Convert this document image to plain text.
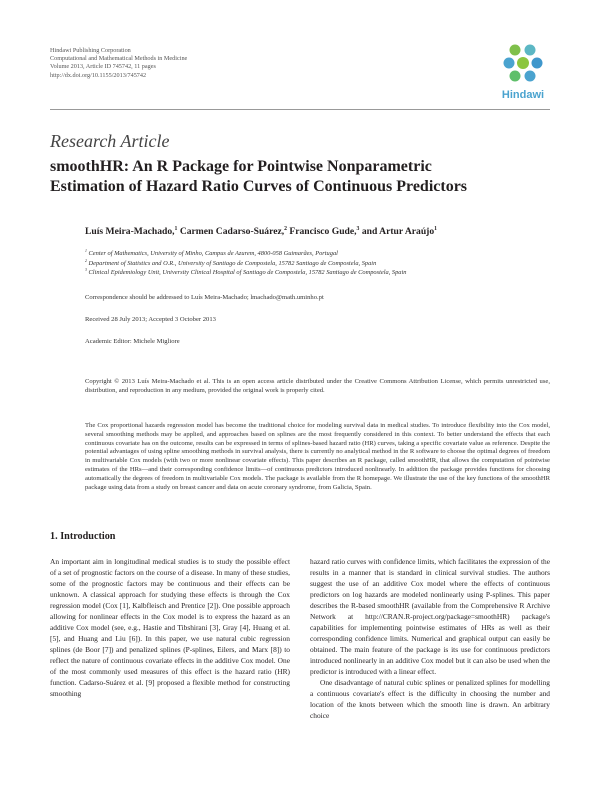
Hindawi Publishing Corporation
Computational and Mathematical Methods in Medicine
Volume 2013, Article ID 745742, 11 pages
http://dx.doi.org/10.1155/2013/745742
Hindawi
Research Article
smoothHR: An R Package for Pointwise Nonparametric
Estimation of Hazard Ratio Curves of Continuous Predictors
Luís Meira-Machado,$^1$ Carmen Cadarso-Suárez,$^2$ Francisco Gude,$^3$ and Artur Araújo$^1$
$^1$ Center of Mathematics, University of Minho, Campus de Azurem, 4800-058 Guimarães, Portugal
$^2$ Department of Statistics and O.R., University of Santiago de Compostela, 15782 Santiago de Compostela, Spain
$^3$ Clinical Epidemiology Unit, University Clinical Hospital of Santiago de Compostela, 15782 Santiago de Compostela, Spain
Correspondence should be addressed to Luís Meira-Machado; lmachado@math.uminho.pt
Received 28 July 2013; Accepted 3 October 2013
Academic Editor: Michele Migliore
Copyright © 2013 Luís Meira-Machado et al. This is an open access article distributed under the Creative Commons Attribution License, which permits unrestricted use, distribution, and reproduction in any medium, provided the original work is properly cited.
The Cox proportional hazards regression model has become the traditional choice for modeling survival data in medical studies. To introduce flexibility into the Cox model, several smoothing methods may be applied, and approaches based on splines are the most frequently considered in this context. To better understand the effects that each continuous covariate has on the outcome, results can be expressed in terms of splines-based hazard ratio (HR) curves, taking a specific covariate value as reference. Despite the potential advantages of using spline smoothing methods in survival analysis, there is currently no analytical method in the R software to choose the optimal degrees of freedom in multivariable Cox models (with two or more nonlinear covariate effects). This paper describes an R package, called smoothHR, that allows the computation of pointwise estimates of the HRs—and their corresponding confidence limits—of continuous predictors introduced nonlinearly. In addition the package provides functions for choosing automatically the degrees of freedom in multivariable Cox models. The package is available from the R homepage. We illustrate the use of the key functions of the smoothHR package using data from a study on breast cancer and data on acute coronary syndrome, from Galicia, Spain.
1. Introduction

An important aim in longitudinal medical studies is to study the possible effect of a set of prognostic factors on the course of a disease. In many of these studies, some of the prognostic factors may be continuous and their effects can be unknown. A classical approach for studying these effects is through the Cox regression model (Cox [1], Kalbfleisch and Prentice [2]). One possible approach allowing for nonlinear effects in the Cox model is to express the hazard as an additive Cox model (see, e.g., Hastie and Tibshirani [3], Gray [4], Huang et al. [5], and Huang and Liu [6]). In this paper, we use natural cubic regression splines (de Boor [7]) and penalized splines (P-splines, Eilers, and Marx [8]) to reflect the nature of continuous covariate effects in the additive Cox model. One of the most commonly used measures of this effect is the hazard ratio (HR) function. Cadarso-Suárez et al. [9] proposed a flexible method for constructing smoothing

hazard ratio curves with confidence limits, which facilitates the expression of the results in a manner that is standard in clinical survival studies. The authors suggest the use of an additive Cox model where the effects of continuous predictors on log hazards are modeled nonlinearly using P-splines. This paper describes the R-based smoothHR (available from the Comprehensive R Archive Network at http://CRAN.R-project.org/package=smoothHR) package's capabilities for implementing pointwise estimates of HRs as well as their corresponding confidence limits. Numerical and graphical output can easily be obtained. The main feature of the package is its use for continuous predictors introduced nonlinearly in an additive Cox model but it can also be used when the predictor is introduced with a linear effect.

One disadvantage of natural cubic splines or penalized splines for modelling a continuous covariate's effect is the difficulty in choosing the number and location of the knots between which the smooth line is drawn. An arbitrary choice
